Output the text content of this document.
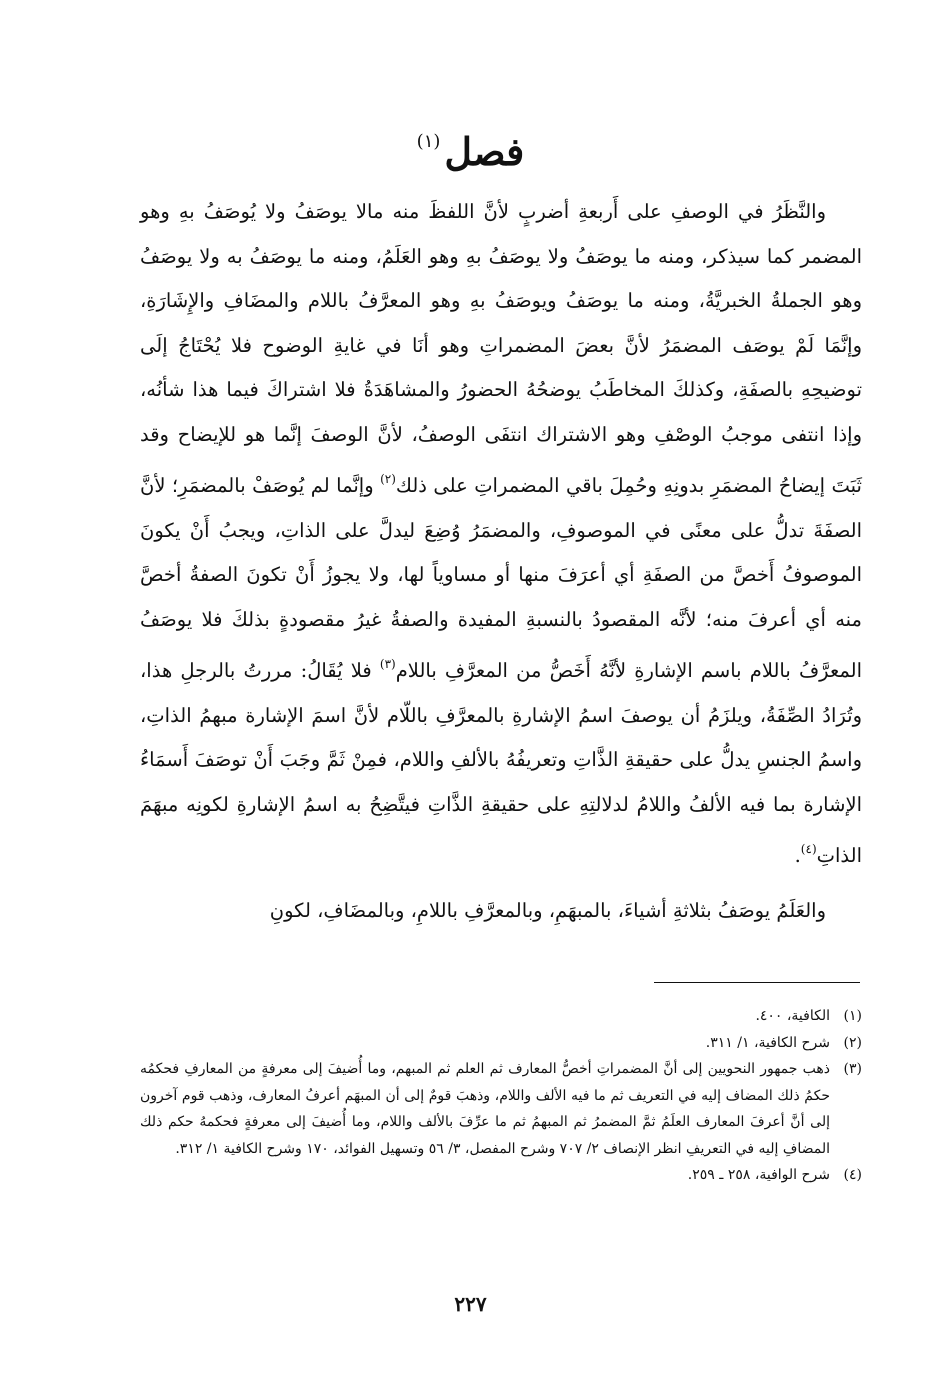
فصل$^{(١)}$

والنَّظَرُ في الوصفِ على أَربعةِ أضربٍ لأنَّ اللفظَ منه مالا يوصَفُ ولا يُوصَفُ بهِ وهو المضمر كما سيذكر، ومنه ما يوصَفُ ولا يوصَفُ بهِ وهو العَلَمُ، ومنه ما يوصَفُ به ولا يوصَفُ وهو الجملةُ الخبريَّةُ، ومنه ما يوصَفُ ويوصَفُ بهِ وهو المعرَّفُ باللام والمضَافِ والإِشَارَةِ، وإنَّمَا لَمْ يوصَف المضمَرُ لأنَّ بعضَ المضمراتِ وهو أنَا في غايةِ الوضوح فلا يُحْتَاجُ إلَى توضيحِهِ بالصفَةِ، وكذلكَ المخاطَبُ يوضحُهُ الحضورُ والمشاهَدَةُ فلا اشتراكَ فيما هذا شأنُه، وإذا انتفى موجبُ الوصْفِ وهو الاشتراك انتفَى الوصفُ، لأنَّ الوصفَ إنَّما هو للإيضاح وقد ثَبَتَ إيضاحُ المضمَرِ بدونِهِ وحُمِلَ باقي المضمراتِ على ذلك$^{(٢)}$ وإنَّما لم يُوصَفْ بالمضمَرِ؛ لأنَّ الصفَةَ تدلُّ على معنًى في الموصوفِ، والمضمَرُ وُضِعَ ليدلَّ على الذاتِ، ويجبُ أَنْ يكونَ الموصوفُ أَخصَّ من الصفَةِ أي أعرَفَ منها أو مساوياً لها، ولا يجوزُ أَنْ تكونَ الصفةُ أخصَّ منه أي أعرفَ منه؛ لأنَّه المقصودُ بالنسبةِ المفيدة والصفةُ غيرُ مقصودةٍ بذلكَ فلا يوصَفُ المعرَّفُ باللام باسم الإشارةِ لأنَّهُ أَخَصُّ من المعرَّفِ باللام$^{(٣)}$ فلا يُقَالُ: مررتُ بالرجلِ هذا، وتُرَادُ الصِّفَةُ، ويلزَمُ أن يوصفَ اسمُ الإشارةِ بالمعرَّفِ باللّام لأنَّ اسمَ الإشارة مبهمُ الذاتِ، واسمُ الجنسِ يدلُّ على حقيقةِ الذَّاتِ وتعريفُهُ بالألفِ واللام، فمِنْ ثَمَّ وجَبَ أَنْ توصَفَ أَسمَاءُ الإشارة بما فيه الألفُ واللامُ لدلالتِهِ على حقيقةِ الذَّاتِ فيتَّضِحُ به اسمُ الإشارةِ لكونِه مبهَمَ الذاتِ$^{(٤)}$.

والعَلَمُ يوصَفُ بثلاثةِ أشياءَ، بالمبهَمِ، وبالمعرَّفِ باللامِ، وبالمضَافِ، لكونِ

(١)
الكافية، ٤٠٠.
(٢)
شرح الكافية، ١/ ٣١١.
(٣)
ذهب جمهور النحويين إلى أنَّ المضمراتِ أخصُّ المعارف ثم العلم ثم المبهم، وما أُضيفَ إلى معرفةٍ من المعارفِ فحكمُه حكمُ ذلك المضاف إليه في التعريف ثم ما فيه الألف واللام، وذهبَ قومٌ إلى أن المبهَم أعرفُ المعارف، وذهب قوم آخرون إلى أنَّ أعرفَ المعارف العلَمُ ثمَّ المضمرُ ثم المبهمُ ثم ما عرِّفَ بالألف واللام، وما أُضيفَ إلى معرفةٍ فحكمهُ حكم ذلك المضافِ إليه في التعريفِ انظر الإنصاف ٢/ ٧٠٧ وشرح المفصل، ٣/ ٥٦ وتسهيل الفوائد، ١٧٠ وشرح الكافية ١/ ٣١٢.
(٤)
شرح الوافية، ٢٥٨ ـ ٢٥٩.
٢٢٧
